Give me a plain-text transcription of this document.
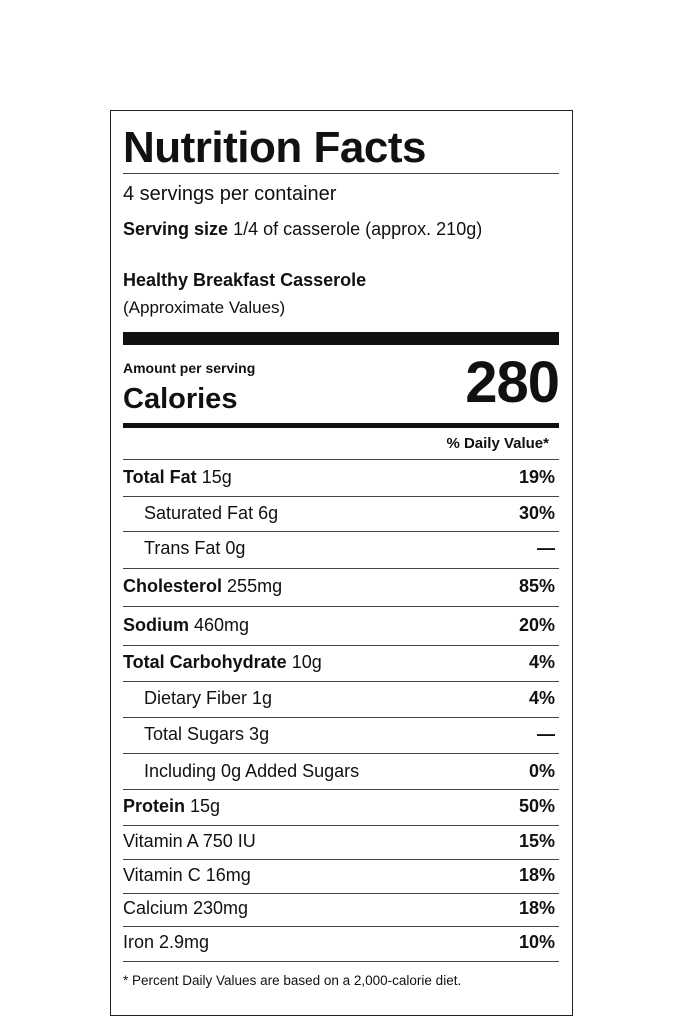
Nutrition Facts
4 servings per container
Serving size 1/4 of casserole (approx. 210g)
Healthy Breakfast Casserole
(Approximate Values)
Amount per serving
Calories	280
% Daily Value*
Total Fat 15g	19%
Saturated Fat 6g	30%
Trans Fat 0g	—
Cholesterol 255mg	85%
Sodium 460mg	20%
Total Carbohydrate 10g	4%
Dietary Fiber 1g	4%
Total Sugars 3g	—
Including 0g Added Sugars	0%
Protein 15g	50%
Vitamin A 750 IU	15%
Vitamin C 16mg	18%
Calcium 230mg	18%
Iron 2.9mg	10%
* Percent Daily Values are based on a 2,000-calorie diet.
